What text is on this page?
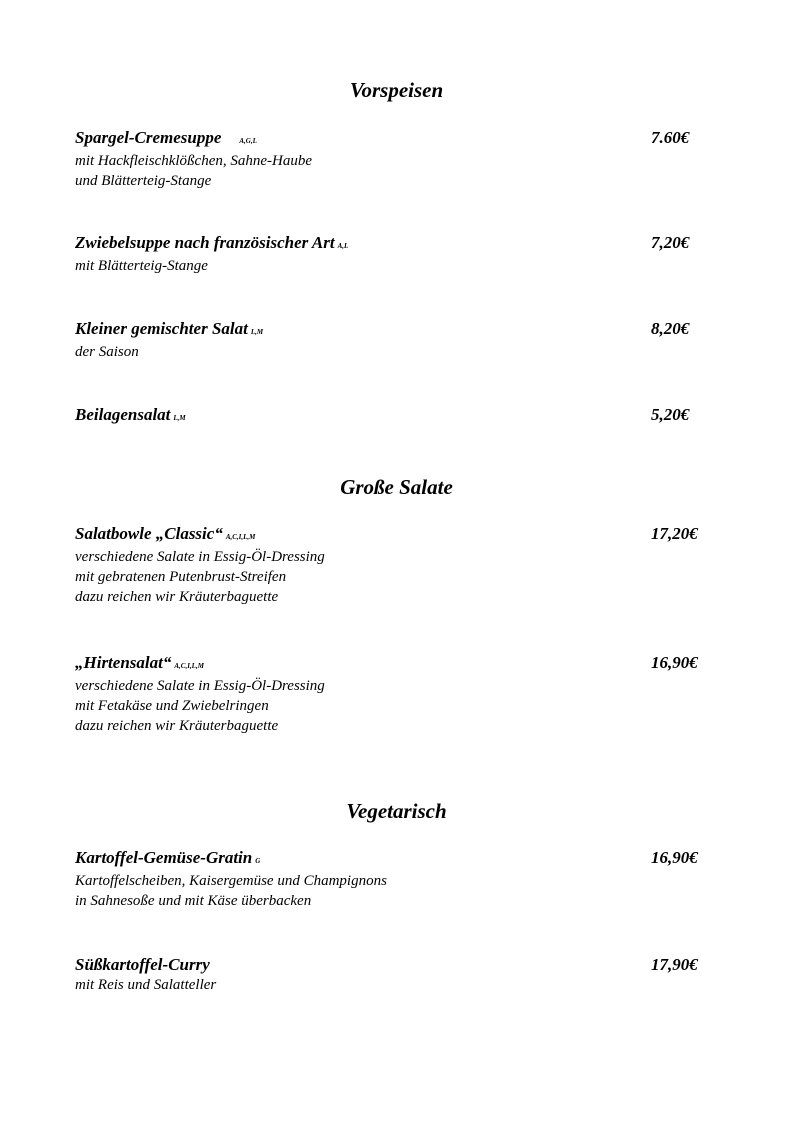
Vorspeisen
Spargel-Cremesuppe	A,G,L	7.60€
mit Hackfleischklößchen, Sahne-Haube
und Blätterteig-Stange
Zwiebelsuppe nach französischer Art A,L	7,20€
mit Blätterteig-Stange
Kleiner gemischter Salat L,M	8,20€
der Saison
Beilagensalat L,M	5,20€
Große Salate
Salatbowle „Classic“ A,C,I,L,M	17,20€
verschiedene Salate in Essig-Öl-Dressing
mit gebratenen Putenbrust-Streifen
dazu reichen wir Kräuterbaguette
„Hirtensalat“ A,C,I,L,M	16,90€
verschiedene Salate in Essig-Öl-Dressing
mit Fetakäse und Zwiebelringen
dazu reichen wir Kräuterbaguette
Vegetarisch
Kartoffel-Gemüse-Gratin G	16,90€
Kartoffelscheiben, Kaisergemüse und Champignons
in Sahnesoße und mit Käse überbacken
Süßkartoffel-Curry	17,90€
mit Reis und Salatteller
